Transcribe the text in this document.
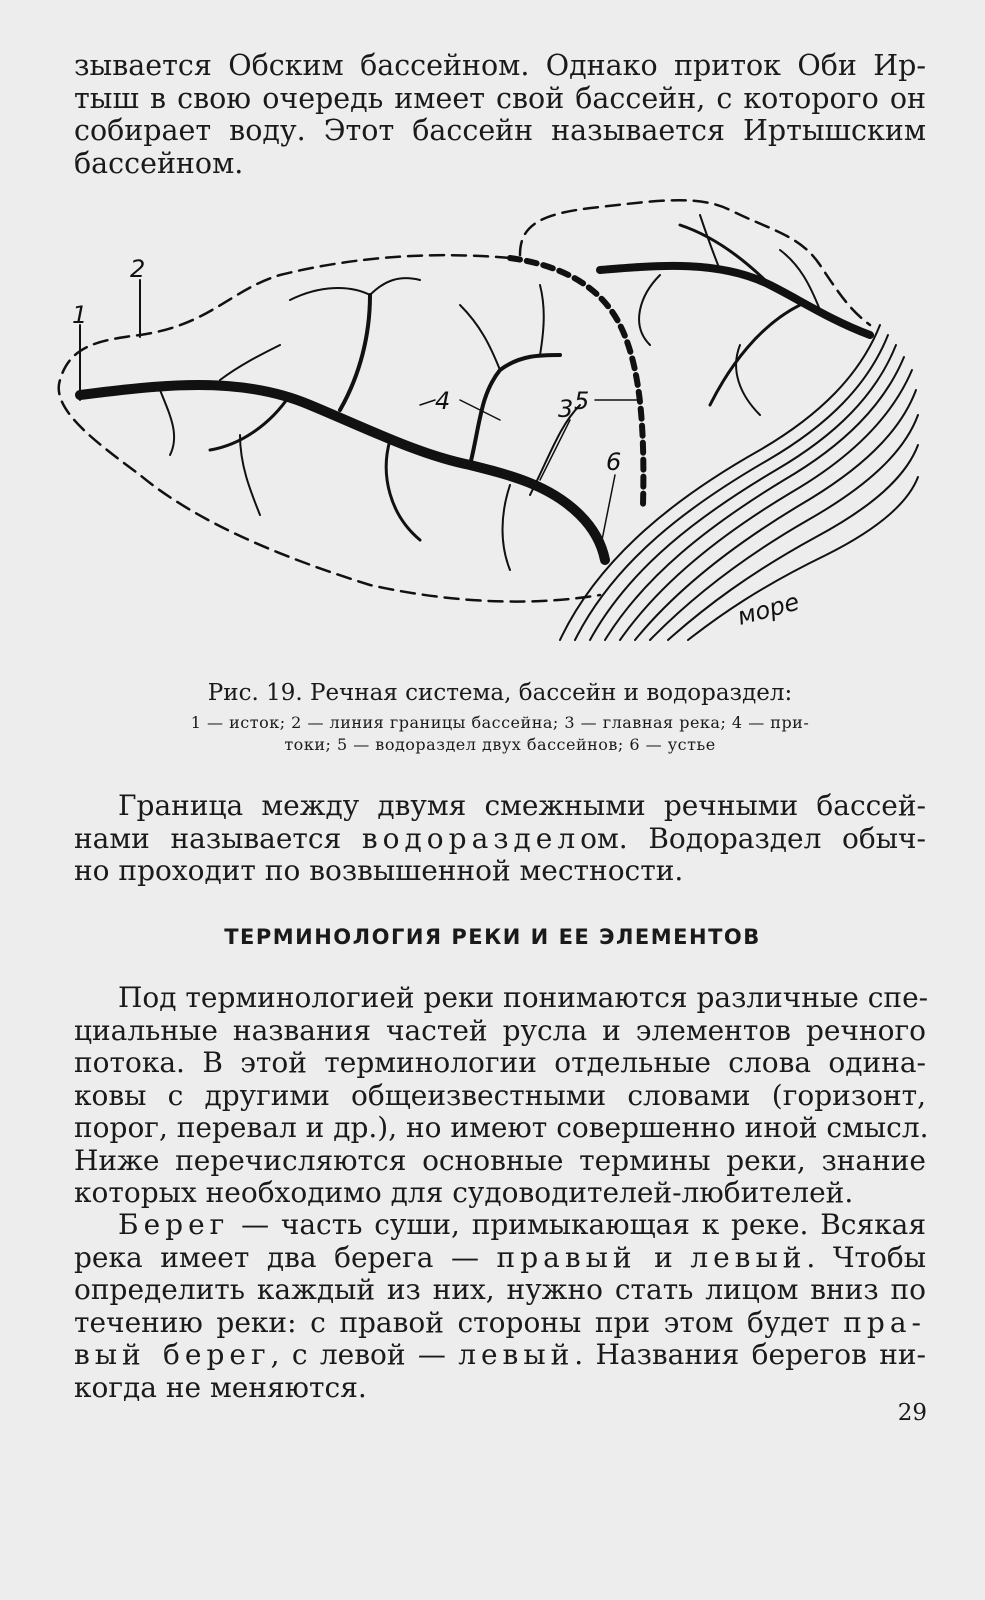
зывается Обским бассейном. Однако приток Оби Ир-
тыш в свою очередь имеет свой бассейн, с которого он
собирает воду. Этот бассейн называется Иртышским
бассейном.
1
2
4	3 5
6
море
Рис. 19. Речная система, бассейн и водораздел:
1 — исток; 2 — линия границы бассейна; 3 — главная река; 4 — при-
токи; 5 — водораздел двух бассейнов; 6 — устье
Граница между двумя смежными речными бассей-
нами называется водоразделом. Водораздел обыч-
но проходит по возвышенной местности.
ТЕРМИНОЛОГИЯ РЕКИ И ЕЕ ЭЛЕМЕНТОВ
Под терминологией реки понимаются различные спе-
циальные названия частей русла и элементов речного
потока. В этой терминологии отдельные слова одина-
ковы с другими общеизвестными словами (горизонт,
порог, перевал и др.), но имеют совершенно иной смысл.
Ниже перечисляются основные термины реки, знание
которых необходимо для судоводителей-любителей.
Берег — часть суши, примыкающая к реке. Всякая
река имеет два берега — правый и левый. Чтобы
определить каждый из них, нужно стать лицом вниз по
течению реки: с правой стороны при этом будет пра-
вый берег, с левой — левый. Названия берегов ни-
когда не меняются.
29
